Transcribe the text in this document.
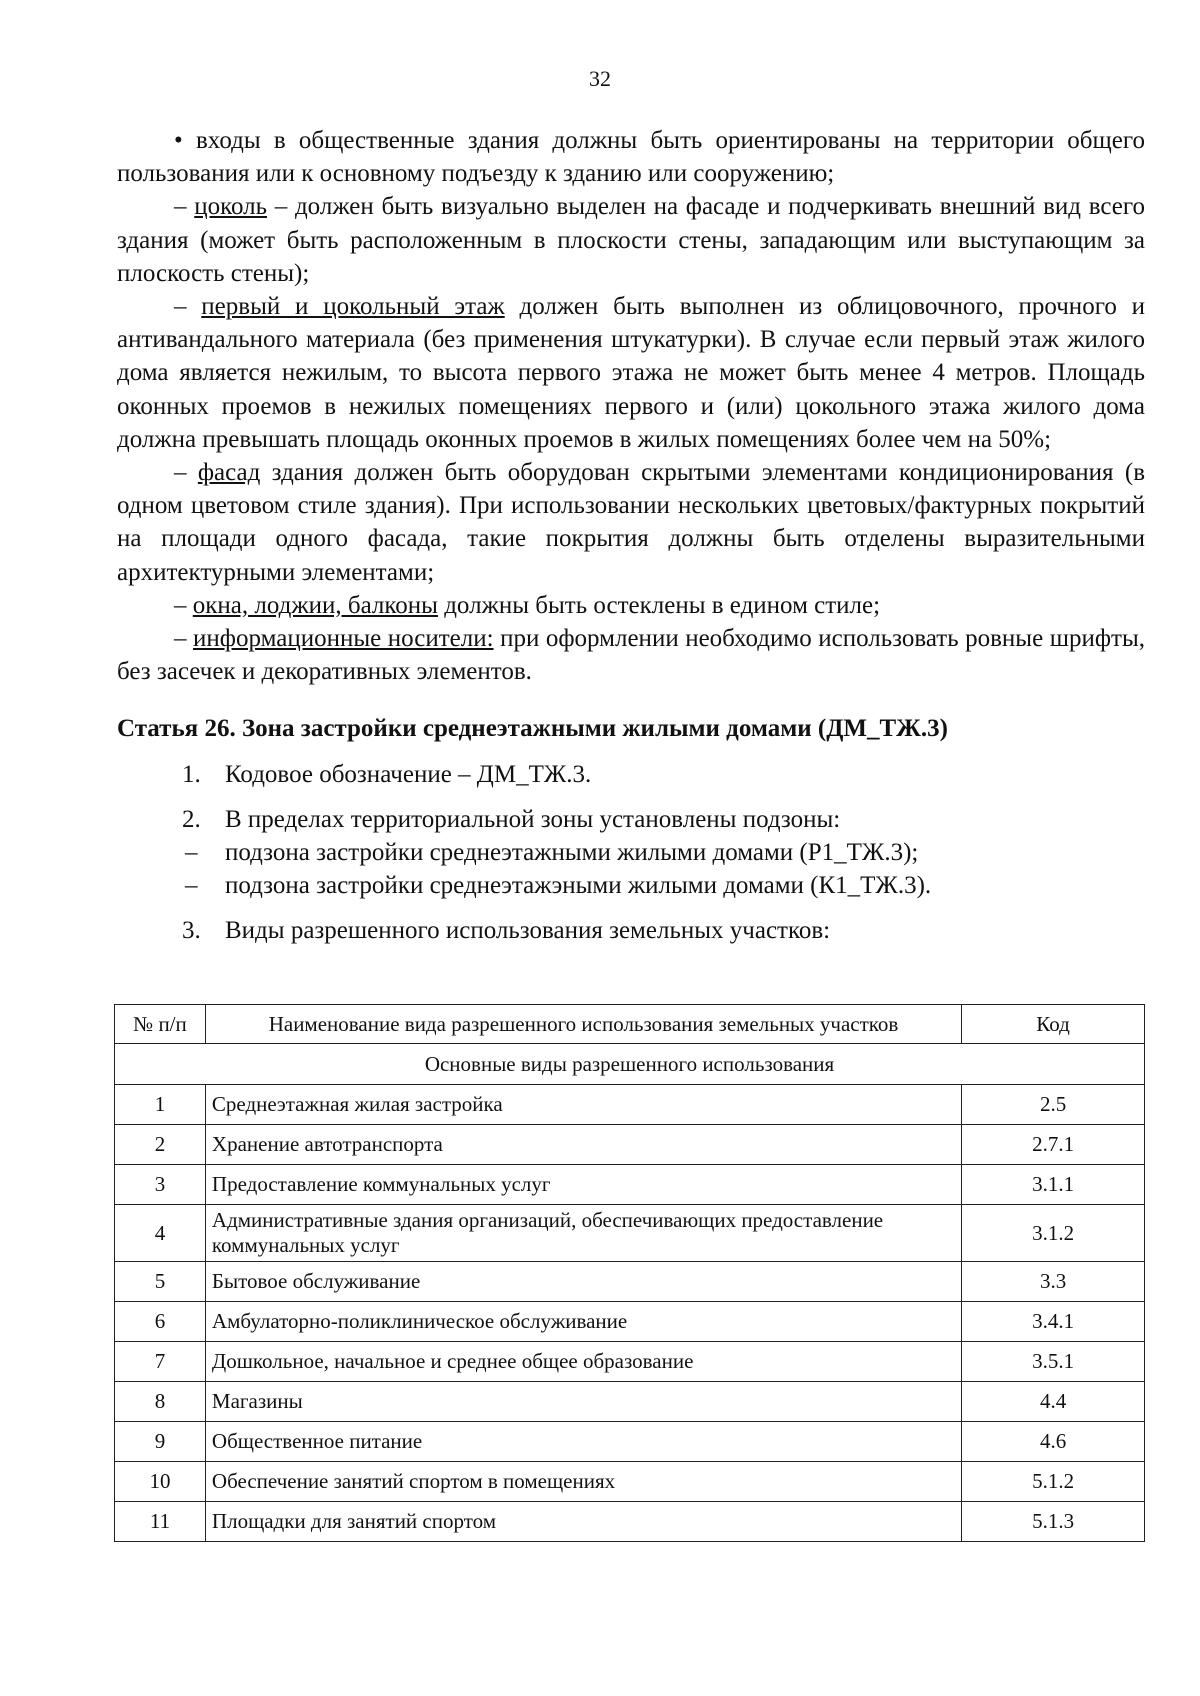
32

• входы в общественные здания должны быть ориентированы на территории общего пользования или к основному подъезду к зданию или сооружению;

– цоколь – должен быть визуально выделен на фасаде и подчеркивать внешний вид всего здания (может быть расположенным в плоскости стены, западающим или выступающим за плоскость стены);

– первый и цокольный этаж должен быть выполнен из облицовочного, прочного и антивандального материала (без применения штукатурки). В случае если первый этаж жилого дома является нежилым, то высота первого этажа не может быть менее 4 метров. Площадь оконных проемов в нежилых помещениях первого и (или) цокольного этажа жилого дома должна превышать площадь оконных проемов в жилых помещениях более чем на 50%;

– фасад здания должен быть оборудован скрытыми элементами кондиционирования (в одном цветовом стиле здания). При использовании нескольких цветовых/фактурных покрытий на площади одного фасада, такие покрытия должны быть отделены выразительными архитектурными элементами;

– окна, лоджии, балконы должны быть остеклены в едином стиле;

– информационные носители: при оформлении необходимо использовать ровные шрифты, без засечек и декоративных элементов.

Статья 26. Зона застройки среднеэтажными жилыми домами (ДМ_ТЖ.3)

1. Кодовое обозначение – ДМ_ТЖ.3.

2. В пределах территориальной зоны установлены подзоны:

– подзона застройки среднеэтажными жилыми домами (Р1_ТЖ.3);

– подзона застройки среднеэтажэными жилыми домами (К1_ТЖ.3).

3. Виды разрешенного использования земельных участков:

№ п/п	Наименование вида разрешенного использования земельных участков	Код
Основные виды разрешенного использования		
1	Среднеэтажная жилая застройка	2.5
2	Хранение автотранспорта	2.7.1
3	Предоставление коммунальных услуг	3.1.1
4	Административные здания организаций, обеспечивающих предоставление коммунальных услуг	3.1.2
5	Бытовое обслуживание	3.3
6	Амбулаторно-поликлиническое обслуживание	3.4.1
7	Дошкольное, начальное и среднее общее образование	3.5.1
8	Магазины	4.4
9	Общественное питание	4.6
10	Обеспечение занятий спортом в помещениях	5.1.2
11	Площадки для занятий спортом	5.1.3
